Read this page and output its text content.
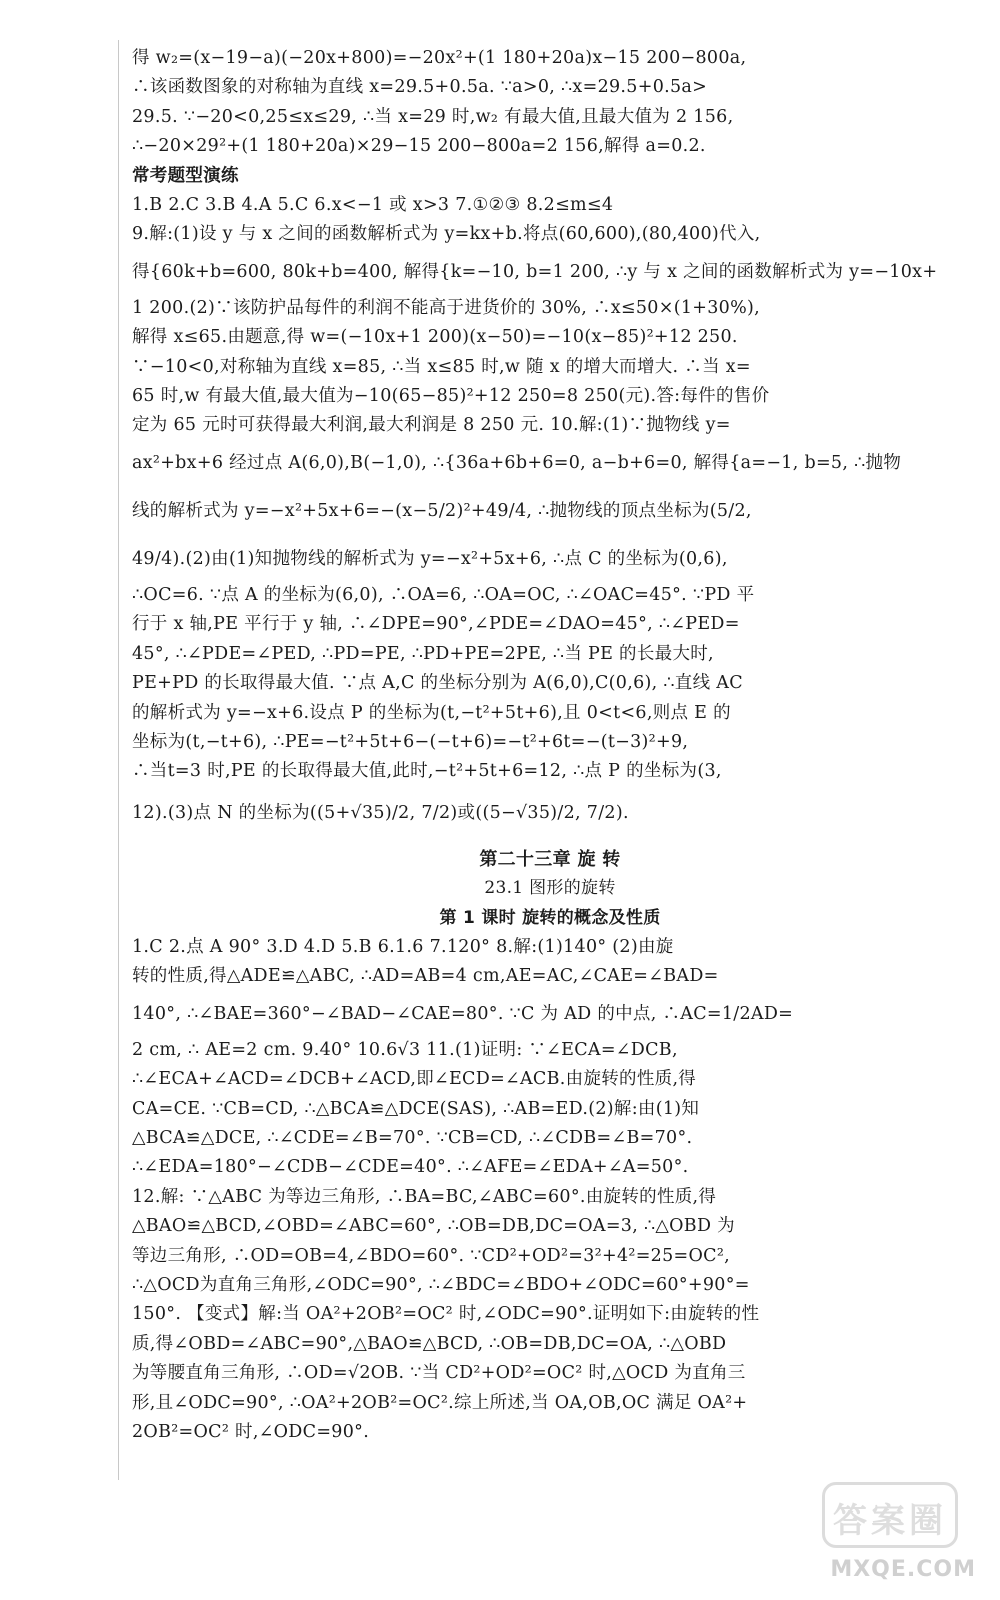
得 w₂=(x−19−a)(−20x+800)=−20x²+(1 180+20a)x−15 200−800a,
∴该函数图象的对称轴为直线 x=29.5+0.5a. ∵a>0, ∴x=29.5+0.5a>
29.5. ∵−20<0,25≤x≤29, ∴当 x=29 时,w₂ 有最大值,且最大值为 2 156,
∴−20×29²+(1 180+20a)×29−15 200−800a=2 156,解得 a=0.2.
常考题型演练
1.B 2.C 3.B 4.A 5.C 6.x<−1 或 x>3 7.①②③ 8.2≤m≤4
9.解:(1)设 y 与 x 之间的函数解析式为 y=kx+b.将点(60,600),(80,400)代入,
得{60k+b=600, 80k+b=400, 解得{k=−10, b=1 200, ∴y 与 x 之间的函数解析式为 y=−10x+
1 200.(2)∵该防护品每件的利润不能高于进货价的 30%, ∴x≤50×(1+30%),
解得 x≤65.由题意,得 w=(−10x+1 200)(x−50)=−10(x−85)²+12 250.
∵−10<0,对称轴为直线 x=85, ∴当 x≤85 时,w 随 x 的增大而增大. ∴当 x=
65 时,w 有最大值,最大值为−10(65−85)²+12 250=8 250(元).答:每件的售价
定为 65 元时可获得最大利润,最大利润是 8 250 元. 10.解:(1)∵抛物线 y=
ax²+bx+6 经过点 A(6,0),B(−1,0), ∴{36a+6b+6=0, a−b+6=0, 解得{a=−1, b=5, ∴抛物
线的解析式为 y=−x²+5x+6=−(x−5/2)²+49/4, ∴抛物线的顶点坐标为(5/2,
49/4).(2)由(1)知抛物线的解析式为 y=−x²+5x+6, ∴点 C 的坐标为(0,6),
∴OC=6. ∵点 A 的坐标为(6,0), ∴OA=6, ∴OA=OC, ∴∠OAC=45°. ∵PD 平
行于 x 轴,PE 平行于 y 轴, ∴∠DPE=90°,∠PDE=∠DAO=45°, ∴∠PED=
45°, ∴∠PDE=∠PED, ∴PD=PE, ∴PD+PE=2PE, ∴当 PE 的长最大时,
PE+PD 的长取得最大值. ∵点 A,C 的坐标分别为 A(6,0),C(0,6), ∴直线 AC
的解析式为 y=−x+6.设点 P 的坐标为(t,−t²+5t+6),且 0<t<6,则点 E 的
坐标为(t,−t+6), ∴PE=−t²+5t+6−(−t+6)=−t²+6t=−(t−3)²+9,
∴当t=3 时,PE 的长取得最大值,此时,−t²+5t+6=12, ∴点 P 的坐标为(3,
12).(3)点 N 的坐标为((5+√35)/2, 7/2)或((5−√35)/2, 7/2).
第二十三章 旋 转
23.1 图形的旋转
第 1 课时 旋转的概念及性质
1.C 2.点 A 90° 3.D 4.D 5.B 6.1.6 7.120° 8.解:(1)140° (2)由旋
转的性质,得△ADE≌△ABC, ∴AD=AB=4 cm,AE=AC,∠CAE=∠BAD=
140°, ∴∠BAE=360°−∠BAD−∠CAE=80°. ∵C 为 AD 的中点, ∴AC=1/2AD=
2 cm, ∴ AE=2 cm. 9.40° 10.6√3 11.(1)证明: ∵∠ECA=∠DCB,
∴∠ECA+∠ACD=∠DCB+∠ACD,即∠ECD=∠ACB.由旋转的性质,得
CA=CE. ∵CB=CD, ∴△BCA≌△DCE(SAS), ∴AB=ED.(2)解:由(1)知
△BCA≌△DCE, ∴∠CDE=∠B=70°. ∵CB=CD, ∴∠CDB=∠B=70°.
∴∠EDA=180°−∠CDB−∠CDE=40°. ∴∠AFE=∠EDA+∠A=50°.
12.解: ∵△ABC 为等边三角形, ∴BA=BC,∠ABC=60°.由旋转的性质,得
△BAO≌△BCD,∠OBD=∠ABC=60°, ∴OB=DB,DC=OA=3, ∴△OBD 为
等边三角形, ∴OD=OB=4,∠BDO=60°. ∵CD²+OD²=3²+4²=25=OC²,
∴△OCD为直角三角形,∠ODC=90°, ∴∠BDC=∠BDO+∠ODC=60°+90°=
150°. 【变式】解:当 OA²+2OB²=OC² 时,∠ODC=90°.证明如下:由旋转的性
质,得∠OBD=∠ABC=90°,△BAO≌△BCD, ∴OB=DB,DC=OA, ∴△OBD
为等腰直角三角形, ∴OD=√2OB. ∵当 CD²+OD²=OC² 时,△OCD 为直角三
形,且∠ODC=90°, ∴OA²+2OB²=OC².综上所述,当 OA,OB,OC 满足 OA²+
2OB²=OC² 时,∠ODC=90°.
答案圈
MXQE.COM
